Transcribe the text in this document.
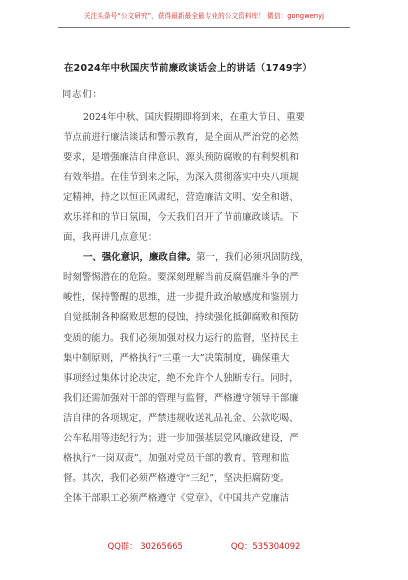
关注头条号“公文研究”，获得最新最全最专业的公文资料库！ 微信：gongwenyj
在2024年中秋国庆节前廉政谈话会上的讲话（1749字）
同志们：
2024年中秋、国庆假期即将到来，在重大节日、重要
节点前进行廉洁谈话和警示教育，是全面从严治党的必然
要求，是增强廉洁自律意识、源头预防腐败的有利契机和
有效举措。在佳节到来之际，为深入贯彻落实中央八项规
定精神，持之以恒正风肃纪，营造廉洁文明、安全和谐、
欢乐祥和的节日氛围，今天我们召开了节前廉政谈话。下
面，我再讲几点意见：
一、强化意识，廉政自律。第一，我们必须巩固防线，
时刻警惕潜在的危险。要深刻理解当前反腐倡廉斗争的严
峻性，保持警醒的思维，进一步提升政治敏感度和鉴别力
自觉抵制各种腐败思想的侵蚀，持续强化抵御腐败和预防
变质的能力。我们必须加强对权力运行的监督，坚持民主
集中制原则，严格执行“三重一大”决策制度，确保重大
事项经过集体讨论决定，绝不允许个人独断专行。同时，
我们还需加强对干部的管理与监督，严格遵守领导干部廉
洁自律的各项规定，严禁违规收送礼品礼金、公款吃喝、
公车私用等违纪行为；进一步加强基层党风廉政建设，严
格执行“一岗双责”，加强对党员干部的教育、管理和监
督。其次，我们必须严格遵守“三纪”，坚决拒腐防变。
全体干部职工必须严格遵守《党章》、《中国共产党廉洁
QQ群： 30265665	QQ：535304092
